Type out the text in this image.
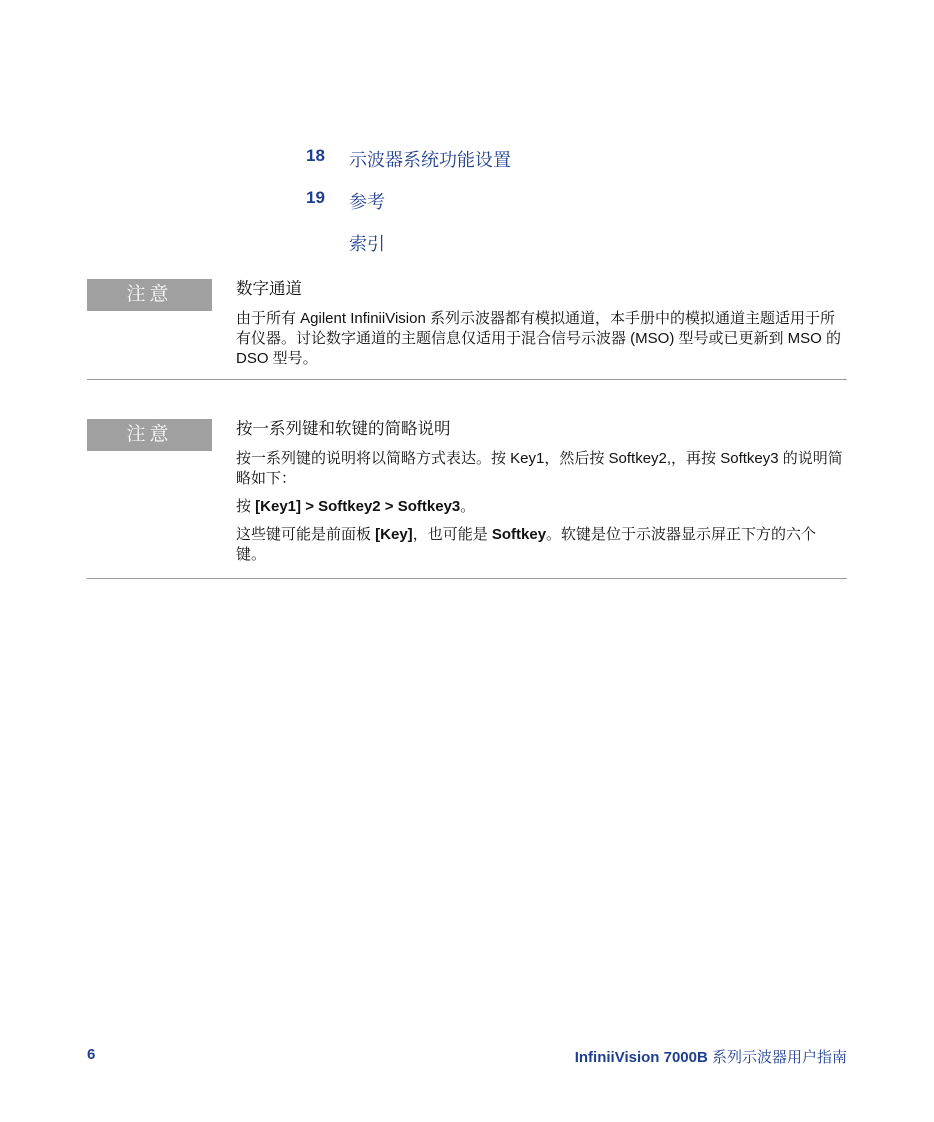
18 示波器系统功能设置
19 参考
索引
注意	数字通道

由于所有 Agilent InfiniiVision 系列示波器都有模拟通道，本手册中的模拟通道主题适用于所有仪器。讨论数字通道的主题信息仅适用于混合信号示波器 (MSO) 型号或已更新到 MSO 的 DSO 型号。

注意	按一系列键和软键的简略说明

按一系列键的说明将以简略方式表达。按 Key1，然后按 Softkey2,，再按 Softkey3 的说明简略如下：

按 [Key1] > Softkey2 > Softkey3。

这些键可能是前面板 [Key]，也可能是 Softkey。软键是位于示波器显示屏正下方的六个键。

6	InfiniiVision 7000B 系列示波器用户指南
